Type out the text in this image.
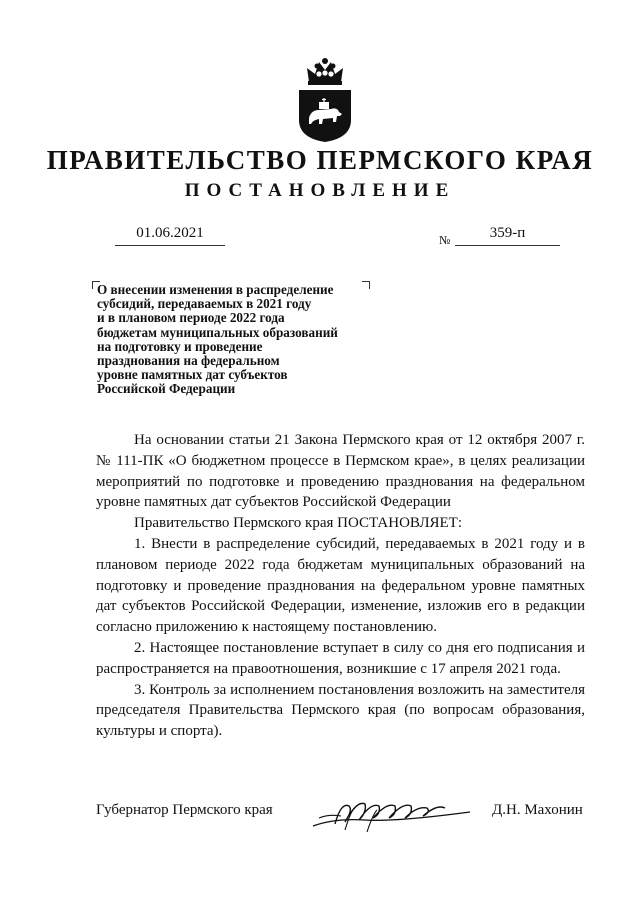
ПРАВИТЕЛЬСТВО ПЕРМСКОГО КРАЯ
ПОСТАНОВЛЕНИЕ
01.06.2021	№	359-п
О внесении изменения в распределение
субсидий, передаваемых в 2021 году
и в плановом периоде 2022 года
бюджетам муниципальных образований
на подготовку и проведение
празднования на федеральном
уровне памятных дат субъектов
Российской Федерации

На основании статьи 21 Закона Пермского края от 12 октября 2007 г. № 111-ПК «О бюджетном процессе в Пермском крае», в целях реализации мероприятий по подготовке и проведению празднования на федеральном уровне памятных дат субъектов Российской Федерации

Правительство Пермского края ПОСТАНОВЛЯЕТ:

1. Внести в распределение субсидий, передаваемых в 2021 году и в плановом периоде 2022 года бюджетам муниципальных образований на подготовку и проведение празднования на федеральном уровне памятных дат субъектов Российской Федерации, изменение, изложив его в редакции согласно приложению к настоящему постановлению.

2. Настоящее постановление вступает в силу со дня его подписания и распространяется на правоотношения, возникшие с 17 апреля 2021 года.

3. Контроль за исполнением постановления возложить на заместителя председателя Правительства Пермского края (по вопросам образования, культуры и спорта).

Губернатор Пермского края	Д.Н. Махонин
